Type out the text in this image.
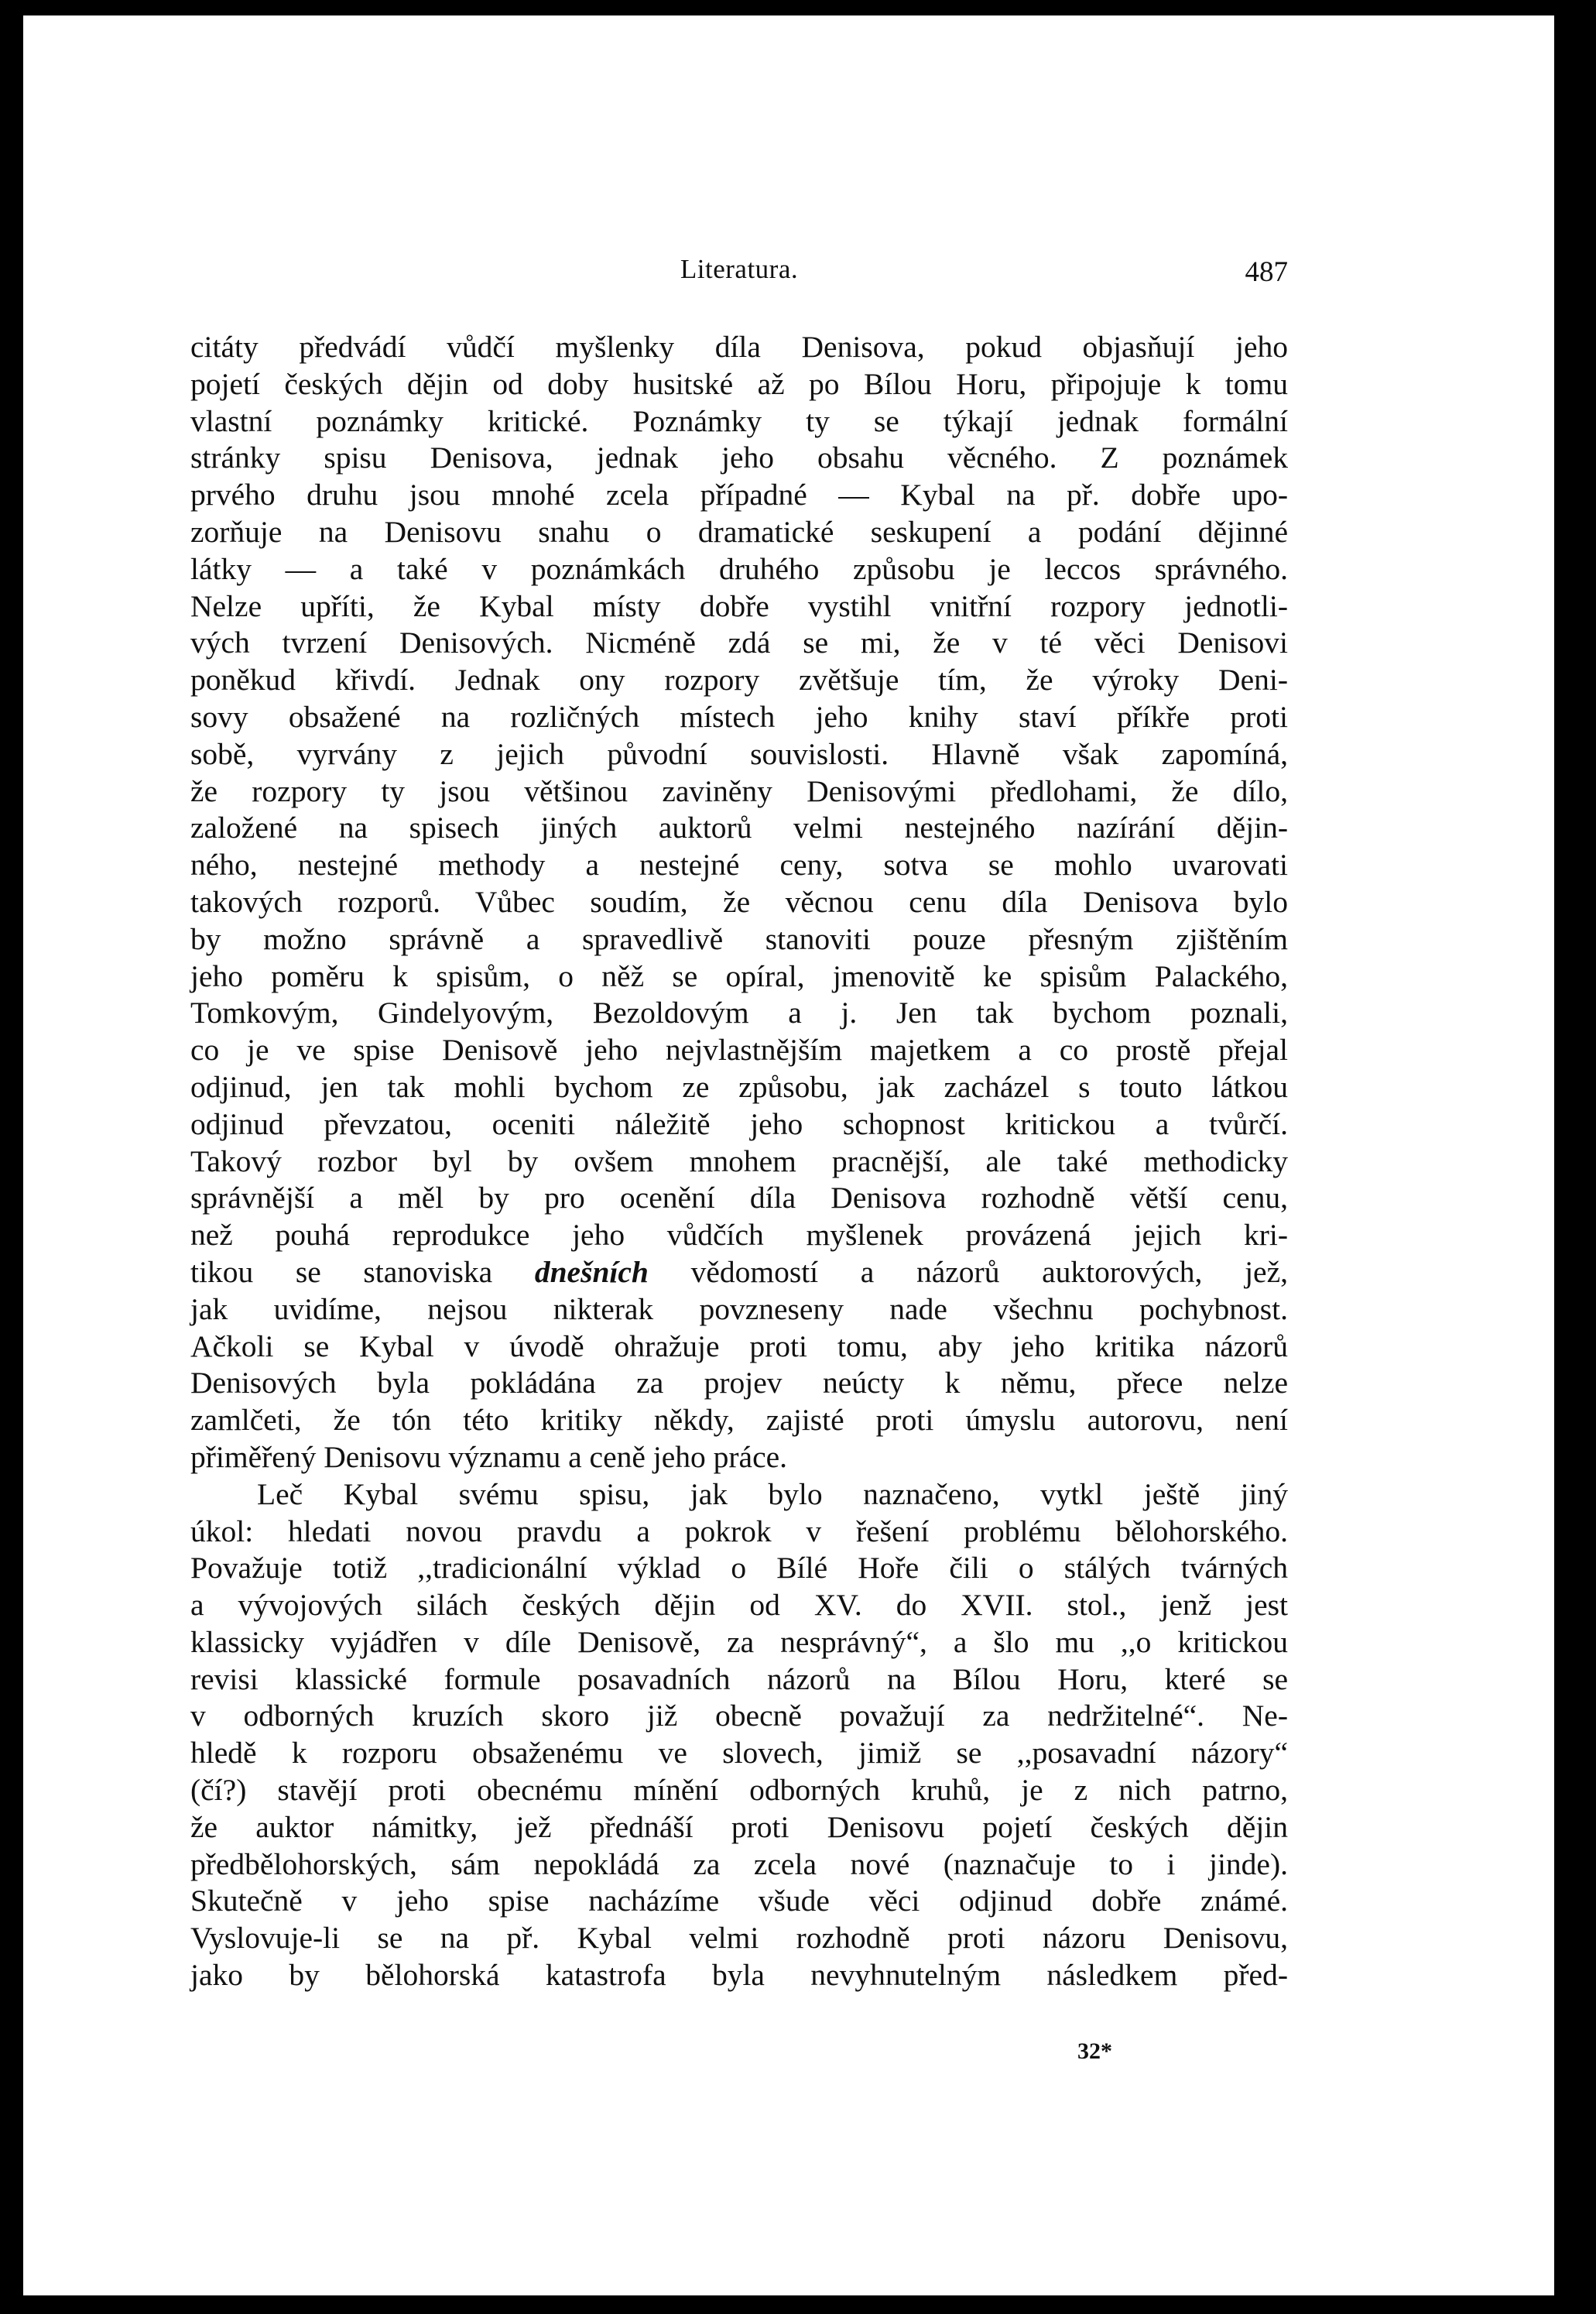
Literatura.	487
citáty předvádí vůdčí myšlenky díla Denisova, pokud objasňují jeho
pojetí českých dějin od doby husitské až po Bílou Horu, připojuje k tomu
vlastní poznámky kritické. Poznámky ty se týkají jednak formální
stránky spisu Denisova, jednak jeho obsahu věcného. Z poznámek
prvého druhu jsou mnohé zcela případné — Kybal na př. dobře upo-
zorňuje na Denisovu snahu o dramatické seskupení a podání dějinné
látky — a také v poznámkách druhého způsobu je leccos správného.
Nelze upříti, že Kybal místy dobře vystihl vnitřní rozpory jednotli-
vých tvrzení Denisových. Nicméně zdá se mi, že v té věci Denisovi
poněkud křivdí. Jednak ony rozpory zvětšuje tím, že výroky Deni-
sovy obsažené na rozličných místech jeho knihy staví příkře proti
sobě, vyrvány z jejich původní souvislosti. Hlavně však zapomíná,
že rozpory ty jsou většinou zaviněny Denisovými předlohami, že dílo,
založené na spisech jiných auktorů velmi nestejného nazírání dějin-
ného, nestejné methody a nestejné ceny, sotva se mohlo uvarovati
takových rozporů. Vůbec soudím, že věcnou cenu díla Denisova bylo
by možno správně a spravedlivě stanoviti pouze přesným zjištěním
jeho poměru k spisům, o něž se opíral, jmenovitě ke spisům Palackého,
Tomkovým, Gindelyovým, Bezoldovým a j. Jen tak bychom poznali,
co je ve spise Denisově jeho nejvlastnějším majetkem a co prostě přejal
odjinud, jen tak mohli bychom ze způsobu, jak zacházel s touto látkou
odjinud převzatou, oceniti náležitě jeho schopnost kritickou a tvůrčí.
Takový rozbor byl by ovšem mnohem pracnější, ale také methodicky
správnější a měl by pro ocenění díla Denisova rozhodně větší cenu,
než pouhá reprodukce jeho vůdčích myšlenek provázená jejich kri-
tikou se stanoviska dnešních vědomostí a názorů auktorových, jež,
jak uvidíme, nejsou nikterak povzneseny nade všechnu pochybnost.
Ačkoli se Kybal v úvodě ohražuje proti tomu, aby jeho kritika názorů
Denisových byla pokládána za projev neúcty k němu, přece nelze
zamlčeti, že tón této kritiky někdy, zajisté proti úmyslu autorovu, není
přiměřený Denisovu významu a ceně jeho práce.
Leč Kybal svému spisu, jak bylo naznačeno, vytkl ještě jiný
úkol: hledati novou pravdu a pokrok v řešení problému bělohorského.
Považuje totiž ,,tradicionální výklad o Bílé Hoře čili o stálých tvárných
a vývojových silách českých dějin od XV. do XVII. stol., jenž jest
klassicky vyjádřen v díle Denisově, za nesprávný“, a šlo mu ,,o kritickou
revisi klassické formule posavadních názorů na Bílou Horu, které se
v odborných kruzích skoro již obecně považují za nedržitelné“. Ne-
hledě k rozporu obsaženému ve slovech, jimiž se ,,posavadní názory“
(čí?) stavějí proti obecnému mínění odborných kruhů, je z nich patrno,
že auktor námitky, jež přednáší proti Denisovu pojetí českých dějin
předbělohorských, sám nepokládá za zcela nové (naznačuje to i jinde).
Skutečně v jeho spise nacházíme všude věci odjinud dobře známé.
Vyslovuje-li se na př. Kybal velmi rozhodně proti názoru Denisovu,
jako by bělohorská katastrofa byla nevyhnutelným následkem před-
32*
